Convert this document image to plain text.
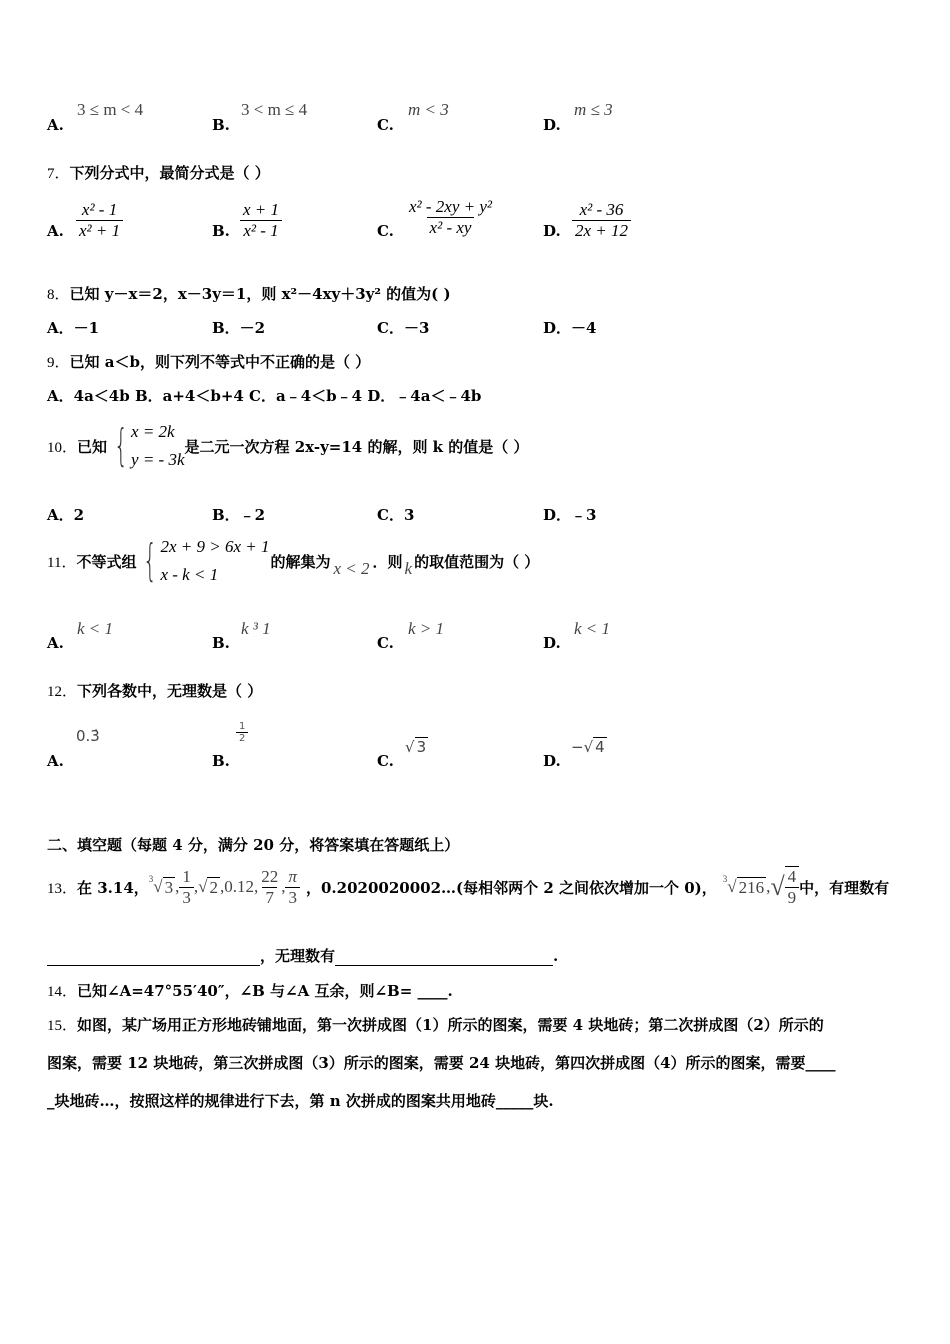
A.
3 ≤ m < 4
B.
3 < m ≤ 4
C.
m < 3
D.
m ≤ 3
7．下列分式中，最简分式是（ ）
A. $\frac{\text{x² - 1}}{\text{x² + 1}}$	B. $\frac{x + 1}{\text{x² - 1}}$	C. $\frac{\text{x² - 2xy + y²}}{\text{x² - xy}}$	D. $\frac{\text{x² - 36}}{2x + 12}$
8．已知 y－x＝2，x－3y＝1，则 x²－4xy＋3y² 的值为( )
A．－1	B．－2	C．－3	D．－4
9．已知 a＜b，则下列不等式中不正确的是（ ）
A．4a＜4b B．a+4＜b+4 C．a﹣4＜b﹣4 D．﹣4a＜﹣4b
10． 已知 { x = 2k
y = - 3k
是二元一次方程 2x-y=14 的解，则 k 的值是（ ）
A．2	B．﹣2	C．3	D．﹣3
11． 不等式组 { 2x + 9 > 6x + 1
x - k < 1
的解集为 x < 2 ．则 k 的取值范围为（ ）
A.
k < 1
B.
k ³ 1
C.
k > 1
D.
k < 1
12．下列各数中，无理数是（ ）
A.
0.3̇
B.
$\frac{1}{2}$
C.
√ 3
D.
−√ 4
二、填空题（每题 4 分，满分 20 分，将答案填在答题纸上）
13． 在 3.14， 3 √ 3 , $\frac{1}{3}$ ,√ 2 , 0.12 , $\frac{22}{7}$ , $\frac{\pi}{3}$ ，0.2020020002…(每相邻两个 2 之间依次增加一个 0)， 3 √ 216 , √ $\frac{4}{9}$ 中，有理数有
，无理数有	.
14．已知∠A=47°55′40″，∠B 与∠A 互余，则∠B= ____.
15．如图，某广场用正方形地砖铺地面，第一次拼成图（1）所示的图案，需要 4 块地砖；第二次拼成图（2）所示的
图案，需要 12 块地砖，第三次拼成图（3）所示的图案，需要 24 块地砖，第四次拼成图（4）所示的图案，需要____
_块地砖…，按照这样的规律进行下去，第 n 次拼成的图案共用地砖_____块.
